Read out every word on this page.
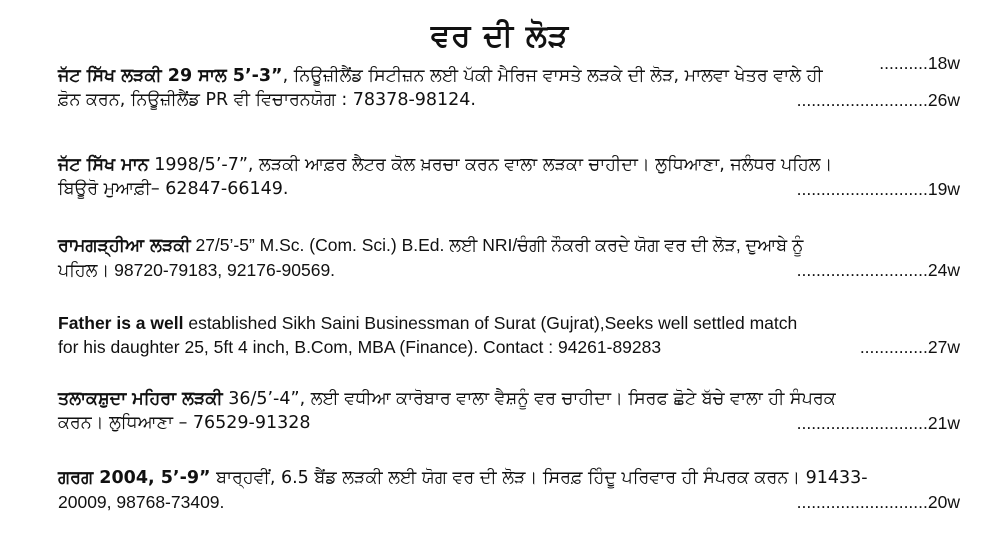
ਵਰ ਦੀ ਲੋੜ
..........18w
ਜੱਟ ਸਿੱਖ ਲੜਕੀ 29 ਸਾਲ 5’-3”, ਨਿਊਜ਼ੀਲੈਂਡ ਸਿਟੀਜ਼ਨ ਲਈ ਪੱਕੀ ਮੈਰਿਜ ਵਾਸਤੇ ਲੜਕੇ ਦੀ ਲੋੜ, ਮਾਲਵਾ ਖੇਤਰ ਵਾਲੇ ਹੀ
ਫ਼ੋਨ ਕਰਨ, ਨਿਊਜ਼ੀਲੈਂਡ PR ਵੀ ਵਿਚਾਰਨਯੋਗ : 78378-98124.	...........................26w
ਜੱਟ ਸਿੱਖ ਮਾਨ 1998/5’-7”, ਲੜਕੀ ਆਫ਼ਰ ਲੈਟਰ ਕੋਲ ਖ਼ਰਚਾ ਕਰਨ ਵਾਲਾ ਲੜਕਾ ਚਾਹੀਦਾ। ਲੁਧਿਆਣਾ, ਜਲੰਧਰ ਪਹਿਲ।
ਬਿਊਰੋ ਮੁਆਫ਼ੀ– 62847-66149.	...........................19w
ਰਾਮਗੜ੍ਹੀਆ ਲੜਕੀ 27/5’-5” M.Sc. (Com. Sci.) B.Ed. ਲਈ NRI/ਚੰਗੀ ਨੌਕਰੀ ਕਰਦੇ ਯੋਗ ਵਰ ਦੀ ਲੋੜ, ਦੁਆਬੇ ਨੂੰ
ਪਹਿਲ। 98720-79183, 92176-90569.	...........................24w
Father is a well established Sikh Saini Businessman of Surat (Gujrat),Seeks well settled match
for his daughter 25, 5ft 4 inch, B.Com, MBA (Finance). Contact : 94261-89283	..............27w
ਤਲਾਕਸ਼ੁਦਾ ਮਹਿਰਾ ਲੜਕੀ 36/5’-4”, ਲਈ ਵਧੀਆ ਕਾਰੋਬਾਰ ਵਾਲਾ ਵੈਸ਼ਨੂੰ ਵਰ ਚਾਹੀਦਾ। ਸਿਰਫ ਛੋਟੇ ਬੱਚੇ ਵਾਲਾ ਹੀ ਸੰਪਰਕ
ਕਰਨ। ਲੁਧਿਆਣਾ – 76529-91328	...........................21w
ਗਰਗ 2004, 5’-9” ਬਾਰ੍ਹਵੀਂ, 6.5 ਬੈਂਡ ਲੜਕੀ ਲਈ ਯੋਗ ਵਰ ਦੀ ਲੋੜ। ਸਿਰਫ਼ ਹਿੰਦੂ ਪਰਿਵਾਰ ਹੀ ਸੰਪਰਕ ਕਰਨ। 91433-
20009, 98768-73409.	...........................20w
